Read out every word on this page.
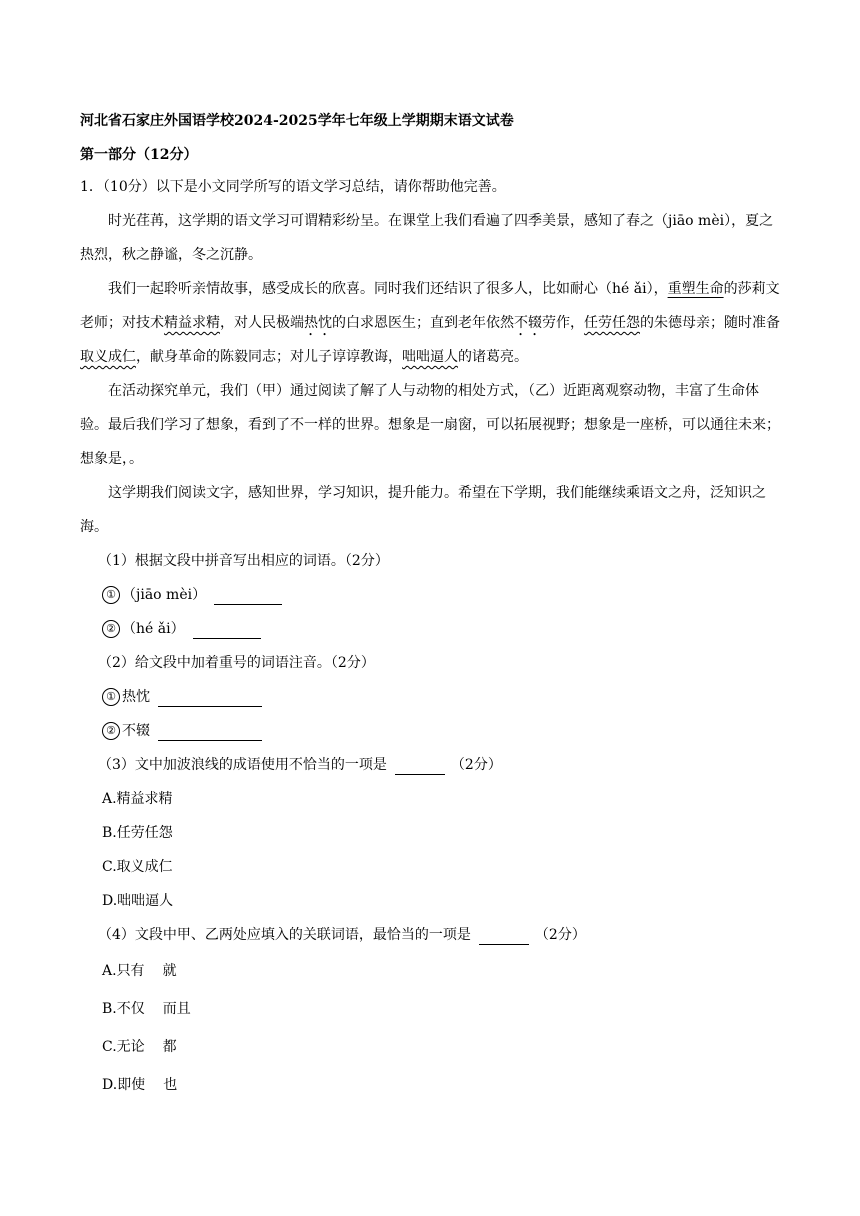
河北省石家庄外国语学校2024-2025学年七年级上学期期末语文试卷
第一部分（12分）
1．（10分）以下是小文同学所写的语文学习总结，请你帮助他完善。
时光荏苒，这学期的语文学习可谓精彩纷呈。在课堂上我们看遍了四季美景，感知了春之（jiāo mèi），夏之热烈，秋之静谧，冬之沉静。
我们一起聆听亲情故事，感受成长的欣喜。同时我们还结识了很多人，比如耐心（hé ǎi），重塑生命的莎莉文老师；对技术精益求精，对人民极端热忱的白求恩医生；直到老年依然不辍劳作，任劳任怨的朱德母亲；随时准备取义成仁，献身革命的陈毅同志；对儿子谆谆教诲，咄咄逼人的诸葛亮。
在活动探究单元，我们（甲）通过阅读了解了人与动物的相处方式，（乙）近距离观察动物，丰富了生命体验。最后我们学习了想象，看到了不一样的世界。想象是一扇窗，可以拓展视野；想象是一座桥，可以通往未来；想象是，。
这学期我们阅读文字，感知世界，学习知识，提升能力。希望在下学期，我们能继续乘语文之舟，泛知识之海。
（1）根据文段中拼音写出相应的词语。（2分）
① （jiāo mèi）
② （hé ǎi）
（2）给文段中加着重号的词语注音。（2分）
① 热忱
② 不辍
（3）文中加波浪线的成语使用不恰当的一项是	（2分）
A.精益求精
B.任劳任怨
C.取义成仁
D.咄咄逼人
（4）文段中甲、乙两处应填入的关联词语，最恰当的一项是	（2分）
A.只有 就
B.不仅 而且
C.无论 都
D.即使 也
